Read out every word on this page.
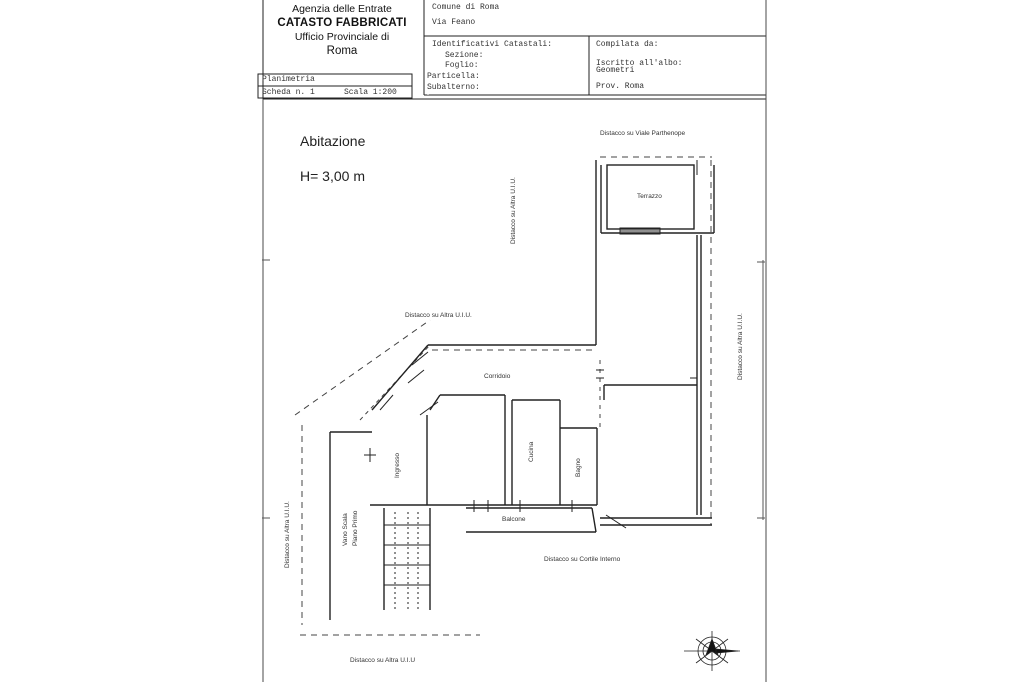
Agenzia delle Entrate
CATASTO FABBRICATI
Ufficio Provinciale di
Roma
Comune di Roma
Via Feano
Identificativi Catastali:
Sezione:
Foglio:
Particella:
Subalterno:
Compilata da:
Iscritto all'albo:
Geometri
Prov. Roma
Planimetria
Scheda n. 1	Scala 1:200
Abitazione
H= 3,00 m
Distacco su Viale Parthenope
Terrazzo
Distacco su Altra U.I.U.
Distacco su Altra U.I.U.
Corridoio
Ingresso
Cucina
Bagno
Balcone
Vano Scala Piano Primo
Distacco su Cortile Interno
Distacco su Altra U.I.U.
Distacco su Altra U.I.U.
Distacco su Altra U.I.U
